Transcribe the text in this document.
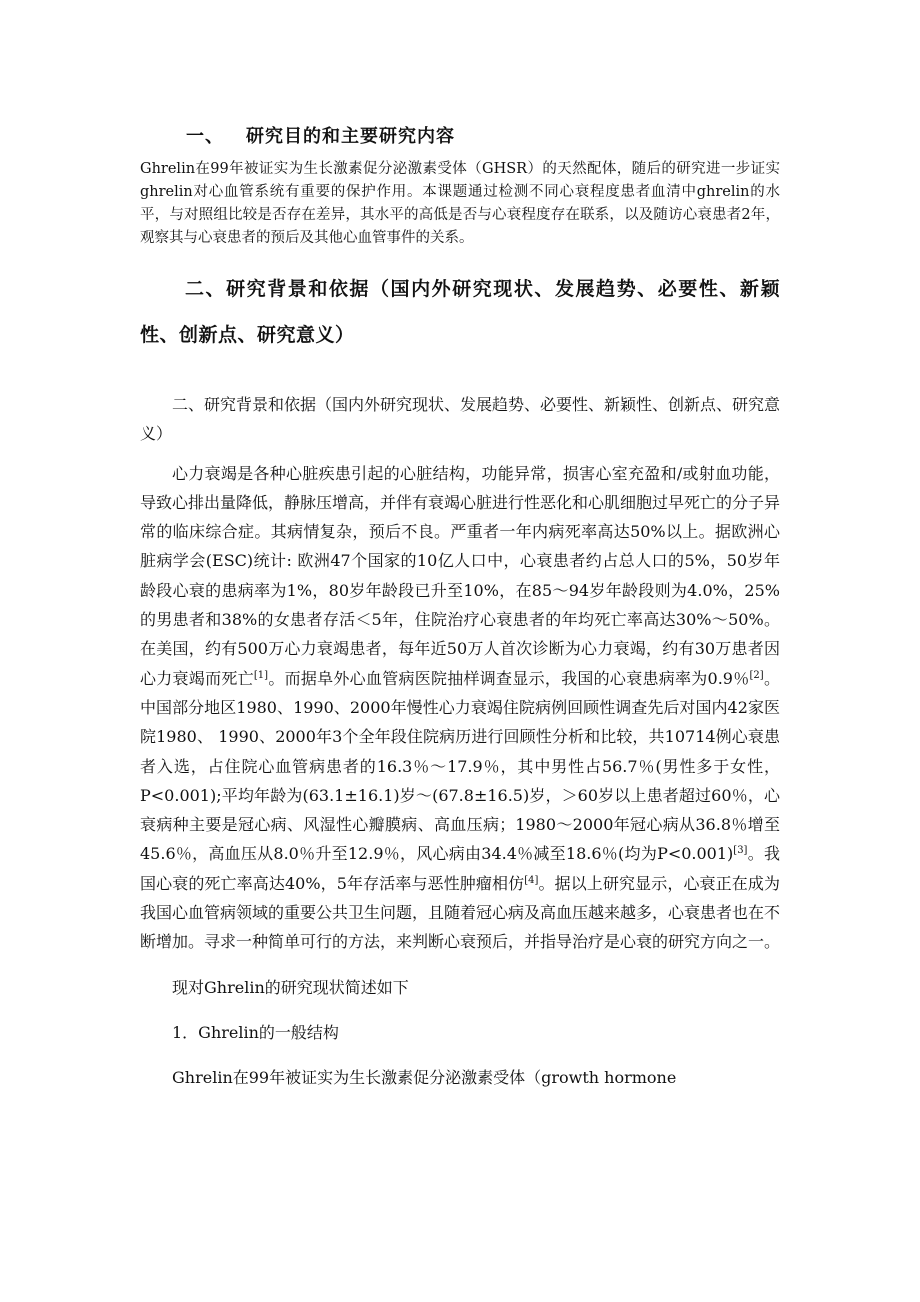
一、 研究目的和主要研究内容
Ghrelin在99年被证实为生长激素促分泌激素受体（GHSR）的天然配体，随后的研究进一步证实ghrelin对心血管系统有重要的保护作用。本课题通过检测不同心衰程度患者血清中ghrelin的水平，与对照组比较是否存在差异，其水平的高低是否与心衰程度存在联系，以及随访心衰患者2年，观察其与心衰患者的预后及其他心血管事件的关系。
二、研究背景和依据（国内外研究现状、发展趋势、必要性、新颖性、创新点、研究意义）

二、研究背景和依据（国内外研究现状、发展趋势、必要性、新颖性、创新点、研究意义）

心力衰竭是各种心脏疾患引起的心脏结构，功能异常，损害心室充盈和/或射血功能，导致心排出量降低，静脉压增高，并伴有衰竭心脏进行性恶化和心肌细胞过早死亡的分子异常的临床综合症。其病情复杂，预后不良。严重者一年内病死率高达50%以上。据欧洲心脏病学会(ESC)统计: 欧洲47个国家的10亿人口中，心衰患者约占总人口的5%，50岁年龄段心衰的患病率为1%，80岁年龄段已升至10%，在85～94岁年龄段则为4.0%，25%的男患者和38%的女患者存活＜5年，住院治疗心衰患者的年均死亡率高达30%～50%。在美国，约有500万心力衰竭患者，每年近50万人首次诊断为心力衰竭，约有30万患者因心力衰竭而死亡[1]。而据阜外心血管病医院抽样调查显示，我国的心衰患病率为0.9％[2]。中国部分地区1980、1990、2000年慢性心力衰竭住院病例回顾性调查先后对国内42家医院1980、 1990、2000年3个全年段住院病历进行回顾性分析和比较，共10714例心衰患者入选，占住院心血管病患者的16.3％～17.9％，其中男性占56.7％(男性多于女性，P<0.001);平均年龄为(63.1±16.1)岁～(67.8±16.5)岁，＞60岁以上患者超过60％，心衰病种主要是冠心病、风湿性心瓣膜病、高血压病；1980～2000年冠心病从36.8％增至45.6％，高血压从8.0％升至12.9％，风心病由34.4％减至18.6％(均为P<0.001)[3]。我国心衰的死亡率高达40%，5年存活率与恶性肿瘤相仿[4]。据以上研究显示，心衰正在成为我国心血管病领域的重要公共卫生问题，且随着冠心病及高血压越来越多，心衰患者也在不断增加。寻求一种简单可行的方法，来判断心衰预后，并指导治疗是心衰的研究方向之一。

现对Ghrelin的研究现状简述如下

1．Ghrelin的一般结构

Ghrelin在99年被证实为生长激素促分泌激素受体（growth hormone
